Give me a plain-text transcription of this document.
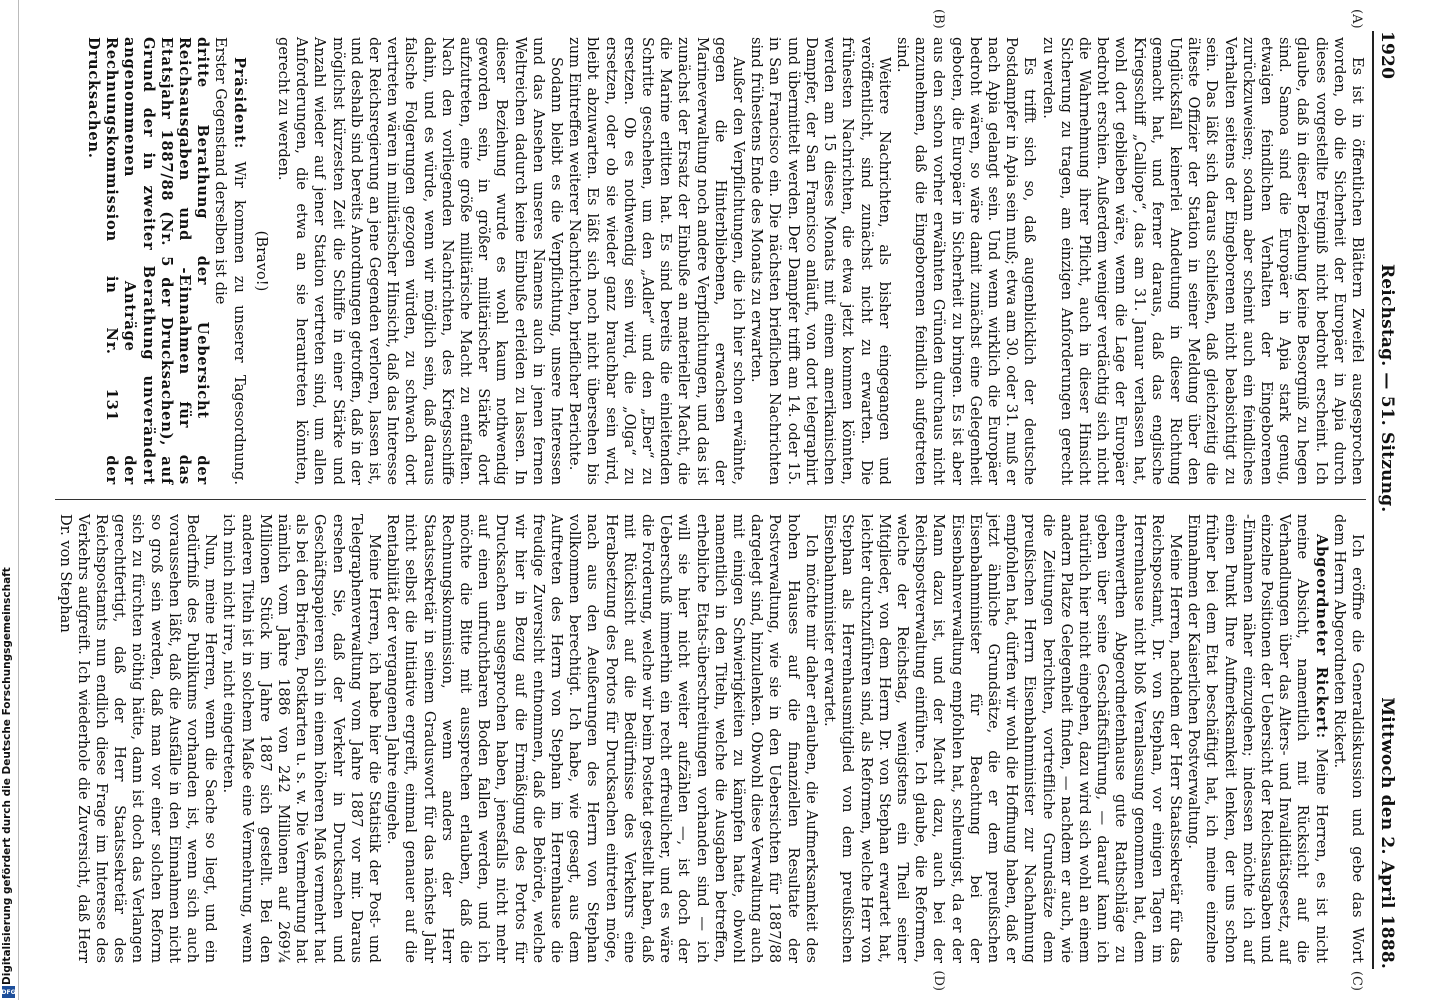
Digitalisierung gefördert durch die Deutsche Forschungsgemeinschaft
DFG
1920
Reichstag. — 51. Sitzung.
Mittwoch den 2. April 1888.
(A)
(B)
(C)
(D)

Es ist in öffentlichen Blättern Zweifel ausgesprochen worden, ob die Sicherheit der Europäer in Apia durch dieses vorgestellte Ereigniß nicht bedroht erscheint. Ich glaube, daß in dieser Beziehung keine Besorgniß zu hegen sind. Samoa sind die Europäer in Apia stark genug, etwaigen feindlichen Verhalten der Eingeborenen zurückzuweisen; sodann aber scheint auch ein feindliches Verhalten seitens der Eingeborenen nicht beabsichtigt zu sein. Das läßt sich daraus schließen, daß gleichzeitig die älteste Offizier der Station in seiner Meldung über den Unglücksfall keinerlei Andeutung in dieser Richtung gemacht hat, und ferner daraus, daß das englische Kriegsschiff „Calliope“, das am 31. Januar verlassen hat, wohl dort geblieben wäre, wenn die Lage der Europäer bedroht erschien. Außerdem weniger verdächtig sich nicht die Wahrnehmung ihrer Pflicht, auch in dieser Hinsicht Sicherung zu tragen, am einzigen Anforderungen gerecht zu werden.

Es trifft sich so, daß augenblicklich der deutsche Postdampfer in Apia sein muß; etwa am 30. oder 31. muß er nach Apia gelangt sein. Und wenn wirklich die Europäer bedroht wären, so wäre damit zunächst eine Gelegenheit geboten, die Europäer in Sicherheit zu bringen. Es ist aber aus den schon vorher erwähnten Gründen durchaus nicht anzunehmen, daß die Eingeborenen feindlich aufgetreten sind.

Weitere Nachrichten, als bisher eingegangen und veröffentlicht, sind zunächst nicht zu erwarten. Die frühesten Nachrichten, die etwa jetzt kommen könnten, werden am 15 dieses Monats mit einem amerikanischen Dampfer, der San Francisco anläuft, von dort telegraphirt und übermittelt werden. Der Dampfer trifft am 14. oder 15. in San Francisco ein. Die nächsten brieflichen Nachrichten sind frühestens Ende des Monats zu erwarten.

Außer den Verpflichtungen, die ich hier schon erwähnte, gegen die Hinterbliebenen, erwachsen der Marineverwaltung noch andere Verpflichtungen, und das ist zunächst der Ersatz der Einbuße an materieller Macht, die die Marine erlitten hat. Es sind bereits die einleitenden Schritte geschehen, um den „Adler“ und den „Eber“ zu ersetzen. Ob es nothwendig sein wird, die „Olga“ zu ersetzen, oder ob sie wieder ganz brauchbar sein wird, bleibt abzuwarten. Es läßt sich noch nicht übersehen bis zum Eintreffen weiterer Nachrichten, brieflicher Berichte.

Sodann bleibt es die Verpflichtung, unsere Interessen und das Ansehen unseres Namens auch in jenen fernen Weltreichen dadurch keine Einbuße erleiden zu lassen. In dieser Beziehung wurde es wohl kaum nothwendig geworden sein, in größer militärischer Stärke dort aufzutreten, eine größe militärische Macht zu entfalten. Nach den vorliegenden Nachrichten, des Kriegsschiffe dahin, und es würde, wenn wir möglich sein, daß daraus falsche Folgerungen gezogen würden, zu schwach dort vertreten wären in militärischer Hinsicht, daß das Interesse der Reichsregierung an jene Gegenden verloren, lassen ist, und deshalb sind bereits Anordnungen getroffen, daß in der möglichst kürzesten Zeit die Schiffe in einer Stärke und Anzahl wieder auf jener Station vertreten sind, um allen Anforderungen, die etwa an sie herantreten könnten, gerecht zu werden.

(Bravo!)

Präsident: Wir kommen zu unserer Tagesordnung. Erster Gegenstand derselben ist die

dritte Berathung der Uebersicht der Reichsausgaben und -Einnahmen für das Etatsjahr 1887/88 (Nr. 5 der Drucksachen), auf Grund der in zweiter Berathung unverändert angenommenen Anträge der Rechnungskommission in Nr. 131 der Drucksachen.

Ich eröffne die Generaldiskussion und gebe das Wort dem Herrn Abgeordneten Rickert.

Abgeordneter Rickert: Meine Herren, es ist nicht meine Absicht, namentlich mit Rücksicht auf die Verhandlungen über das Alters- und Invaliditätsgesetz, auf einzelne Positionen der Uebersicht der Reichsausgaben und -Einnahmen näher einzugehen; indessen möchte ich auf einen Punkt Ihre Aufmerksamkeit lenken, der uns schon früher bei dem Etat beschäftigt hat, ich meine einzelne Einnahmen der Kaiserlichen Postverwaltung.

Meine Herren, nachdem der Herr Staatssekretär für das Reichspostamt, Dr. von Stephan, vor einigen Tagen im Herrenhause nicht bloß Veranlassung genommen hat, dem ehrenwerthen Abgeordnetenhause gute Rathschläge zu geben über seine Geschäftsführung, — darauf kann ich natürlich hier nicht eingehen, dazu wird sich wohl an einem andern Platze Gelegenheit finden, — nachdem er auch, wie die Zeitungen berichten, vortreffliche Grundsätze dem preußischen Herrn Eisenbahnminister zur Nachahmung empfohlen hat, dürfen wir wohl die Hoffnung haben, daß er jetzt ähnliche Grundsätze, die er dem preußischen Eisenbahnminister für Beachtung bei der Eisenbahnverwaltung empfohlen hat, schleunigst, da er der Mann dazu ist, und der Macht dazu, auch bei der Reichspostverwaltung einführe. Ich glaube, die Reformen, welche der Reichstag, wenigstens ein Theil seiner Mitglieder, von dem Herrn Dr. von Stephan erwartet hat, leichter durchzuführen sind, als Reformen, welche Herr von Stephan als Herrenhausmitglied von dem preußischen Eisenbahnminister erwartet.

Ich möchte mir daher erlauben, die Aufmerksamkeit des hohen Hauses auf die finanziellen Resultate der Postverwaltung, wie sie in den Uebersichten für 1887/88 dargelegt sind, hinzulenken. Obwohl diese Verwaltung auch mit einigen Schwierigkeiten zu kämpfen hatte, obwohl namentlich in den Titeln, welche die Ausgaben betreffen, erhebliche Etats-überschreitungen vorhanden sind — ich will sie hier nicht weiter aufzählen —, ist doch der Ueberschuß immerhin ein recht erfreulicher, und es wäre die Forderung, welche wir beim Postetat gestellt haben, daß mit Rücksicht auf die Bedürfnisse des Verkehrs eine Herabsetzung des Portos für Drucksachen eintreten möge, nach aus den Aeußerungen des Herrn von Stephan vollkommen berechtigt. Ich habe, wie gesagt, aus dem Auftreten des Herrn von Stephan im Herrenhause die freudige Zuversicht entnommen, daß die Behörde, welche wir hier in Bezug auf die Ermäßigung des Portos für Drucksachen ausgesprochen haben, jenesfalls nicht mehr auf einen unfruchtbaren Boden fallen werden, und ich möchte die Bitte mit aussprechen erlauben, daß die Rechnungskommission, wenn anders der Herr Staatssekretär in seinem Graduswort für das nächste Jahr nicht selbst die Initiative ergreift, einmal genauer auf die Rentabilität der vergangenen Jahre eingehe.

Meine Herren, ich habe hier die Statistik der Post- und Telegraphenverwaltung vom Jahre 1887 vor mir. Daraus ersehen Sie, daß der Verkehr in Drucksachen und Geschäftspapieren sich in einem höheren Maß vermehrt hat als bei den Briefen, Postkarten u. s. w. Die Vermehrung hat nämlich vom Jahre 1886 von 242 Millionen auf 269¼ Millionen Stück im Jahre 1887 sich gestellt. Bei den anderen Titeln ist in solchem Maße eine Vermehrung, wenn ich mich nicht irre, nicht eingetreten.

Nun, meine Herren, wenn die Sache so liegt, und ein Bedürfniß des Publikums vorhanden ist, wenn sich auch voraussehen läßt, daß die Ausfälle in den Einnahmen nicht so groß sein werden, daß man vor einer solchen Reform sich zu fürchten nöthig hätte, dann ist doch das Verlangen gerechtfertigt, daß der Herr Staatssekretär des Reichspostamts nun endlich diese Frage im Interesse des Verkehrs aufgreift. Ich wiederhole die Zuversicht, daß Herr Dr. von Stephan
